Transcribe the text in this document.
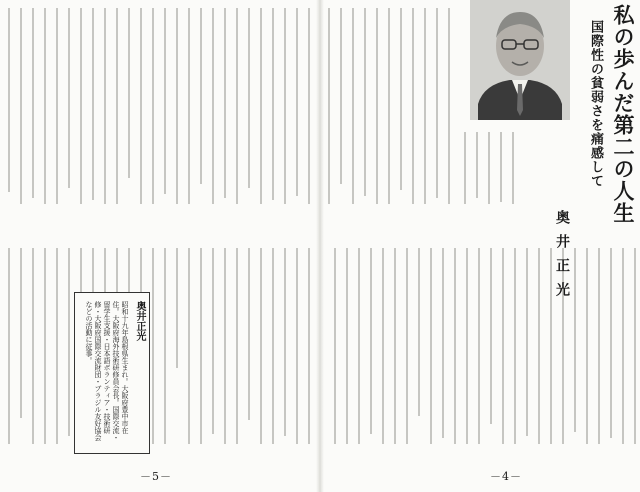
奥井正光
昭和十九年島根県生まれ。大阪府豊中市在住。大阪府海外技術研修員会長。国際交流・留学生支援・日本語ボランティア・技術研修・大阪府国際交流財団・ブラジル友好協会などの活動に従事。
－5－
奥井正光
国際性の貧弱さを痛感して 私の歩んだ第二の人生
－4－
